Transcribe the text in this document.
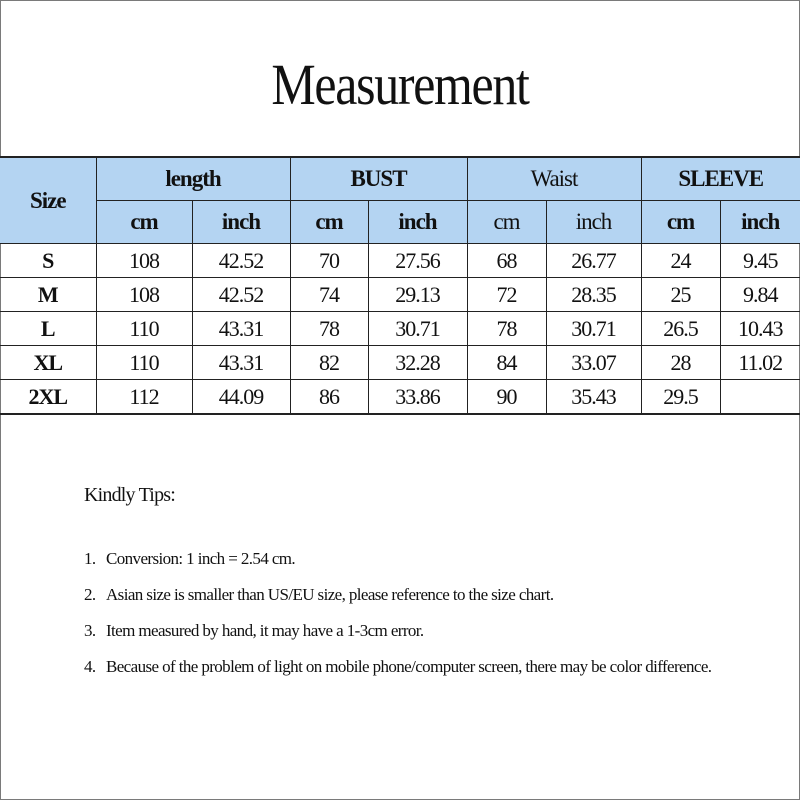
Measurement
Size	length		BUST		Waist		SLEEVE	
	cm	inch	cm	inch	cm	inch	cm	inch
S	108	42.52	70	27.56	68	26.77	24	9.45
M	108	42.52	74	29.13	72	28.35	25	9.84
L	110	43.31	78	30.71	78	30.71	26.5	10.43
XL	110	43.31	82	32.28	84	33.07	28	11.02
2XL	112	44.09	86	33.86	90	35.43	29.5	
Kindly Tips:
1. Conversion: 1 inch = 2.54 cm.
2. Asian size is smaller than US/EU size, please reference to the size chart.
3. Item measured by hand, it may have a 1-3cm error.
4. Because of the problem of light on mobile phone/computer screen, there may be color difference.
